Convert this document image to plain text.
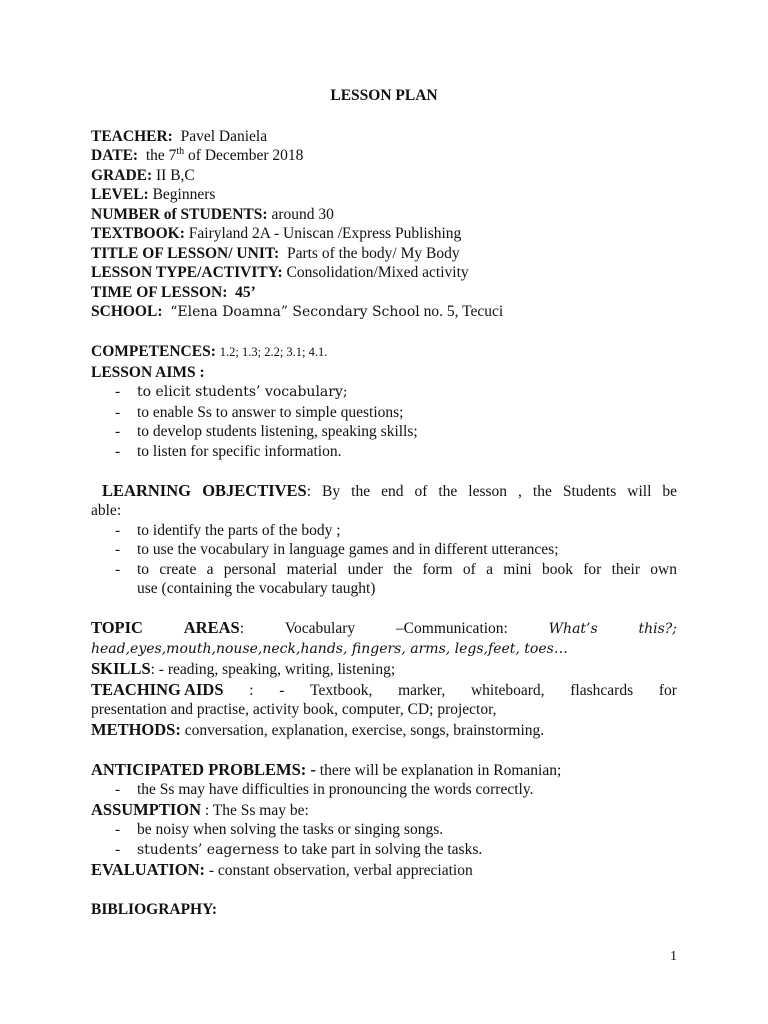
LESSON PLAN
TEACHER: Pavel Daniela
DATE: the 7th of December 2018
GRADE: II B,C
LEVEL: Beginners
NUMBER of STUDENTS: around 30
TEXTBOOK: Fairyland 2A - Uniscan /Express Publishing
TITLE OF LESSON/ UNIT: Parts of the body/ My Body
LESSON TYPE/ACTIVITY: Consolidation/Mixed activity
TIME OF LESSON: 45’
SCHOOL: “Elena Doamna” Secondary School no. 5, Tecuci
COMPETENCES: 1.2; 1.3; 2.2; 3.1; 4.1.
LESSON AIMS :
- to elicit students’ vocabulary;
- to enable Ss to answer to simple questions;
- to develop students listening, speaking skills;
- to listen for specific information.
LEARNING OBJECTIVES: By the end of the lesson , the Students will be
able:
- to identify the parts of the body ;
- to use the vocabulary in language games and in different utterances;
- to create a personal material under the form of a mini book for their own
use (containing the vocabulary taught)
TOPIC AREAS:	Vocabulary	–Communication:	What’s	this?;
head,eyes,mouth,nouse,neck,hands, fingers, arms, legs,feet, toes…
SKILLS: - reading, speaking, writing, listening;
TEACHING AIDS : - Textbook, marker, whiteboard, flashcards for
presentation and practise, activity book, computer, CD; projector,
METHODS: conversation, explanation, exercise, songs, brainstorming.
ANTICIPATED PROBLEMS: - there will be explanation in Romanian;
- the Ss may have difficulties in pronouncing the words correctly.
ASSUMPTION : The Ss may be:
- be noisy when solving the tasks or singing songs.
- students’ eagerness to take part in solving the tasks.
EVALUATION: - constant observation, verbal appreciation
BIBLIOGRAPHY:
1
